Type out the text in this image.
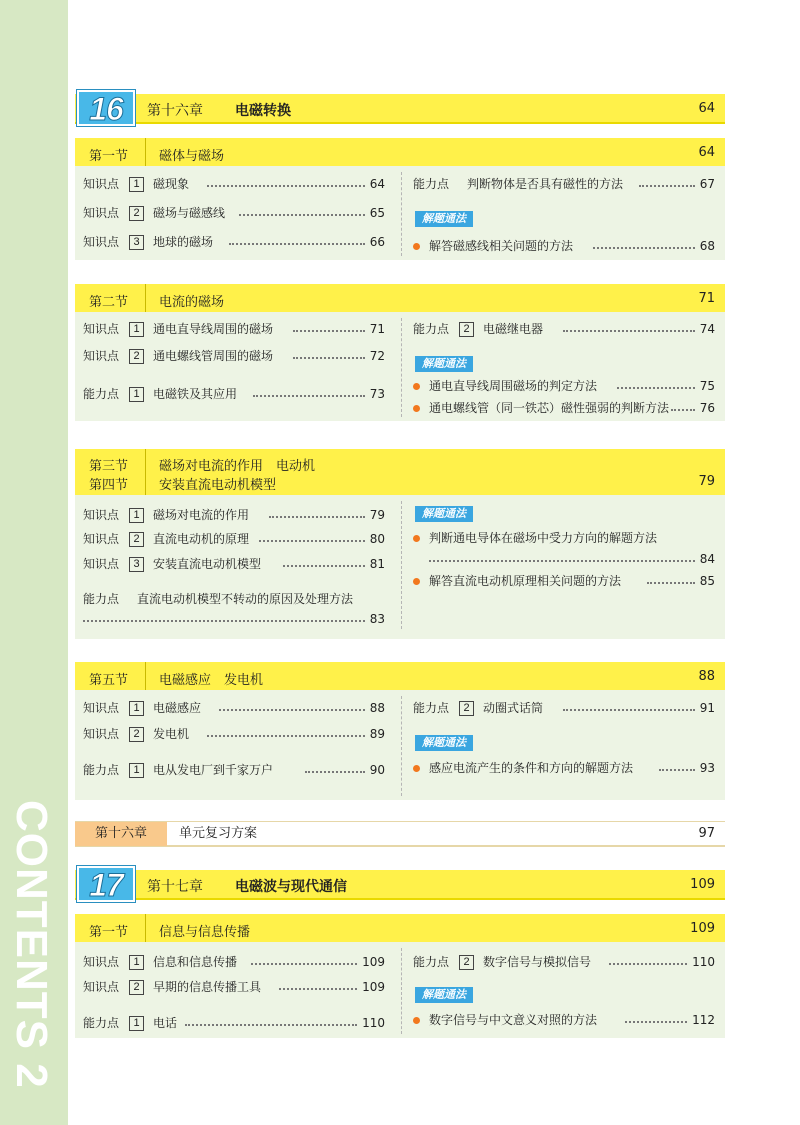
CONTENTS 2
16	第十六章 电磁转换	64
第一节 磁体与磁场	64
知识点	1	磁现象	64
知识点	2	磁场与磁感线	65
知识点	3	地球的磁场	66
能力点 判断物体是否具有磁性的方法	67
解题通法
解答磁感线相关问题的方法	68
第二节 电流的磁场	71
知识点	1	通电直导线周围的磁场	71
知识点	2	通电螺线管周围的磁场	72
能力点	1	电磁铁及其应用	73
能力点	2	电磁继电器	74
解题通法
通电直导线周围磁场的判定方法	75
通电螺线管（同一铁芯）磁性强弱的判断方法	76
第三节 磁场对电流的作用　电动机
第四节 安装直流电动机模型	79
知识点	1	磁场对电流的作用	79
知识点	2	直流电动机的原理	80
知识点	3	安装直流电动机模型	81
能力点 直流电动机模型不转动的原因及处理方法
83
解题通法
判断通电导体在磁场中受力方向的解题方法
84
解答直流电动机原理相关问题的方法	85
第五节 电磁感应　发电机	88
知识点	1	电磁感应	88
知识点	2	发电机	89
能力点	1	电从发电厂到千家万户	90
能力点	2	动圈式话筒	91
解题通法
感应电流产生的条件和方向的解题方法	93
第十六章	单元复习方案	97
17	第十七章 电磁波与现代通信	109
第一节 信息与信息传播	109
知识点	1	信息和信息传播	109
知识点	2	早期的信息传播工具	109
能力点	1	电话	110
能力点	2	数字信号与模拟信号	110
解题通法
数字信号与中文意义对照的方法	112
